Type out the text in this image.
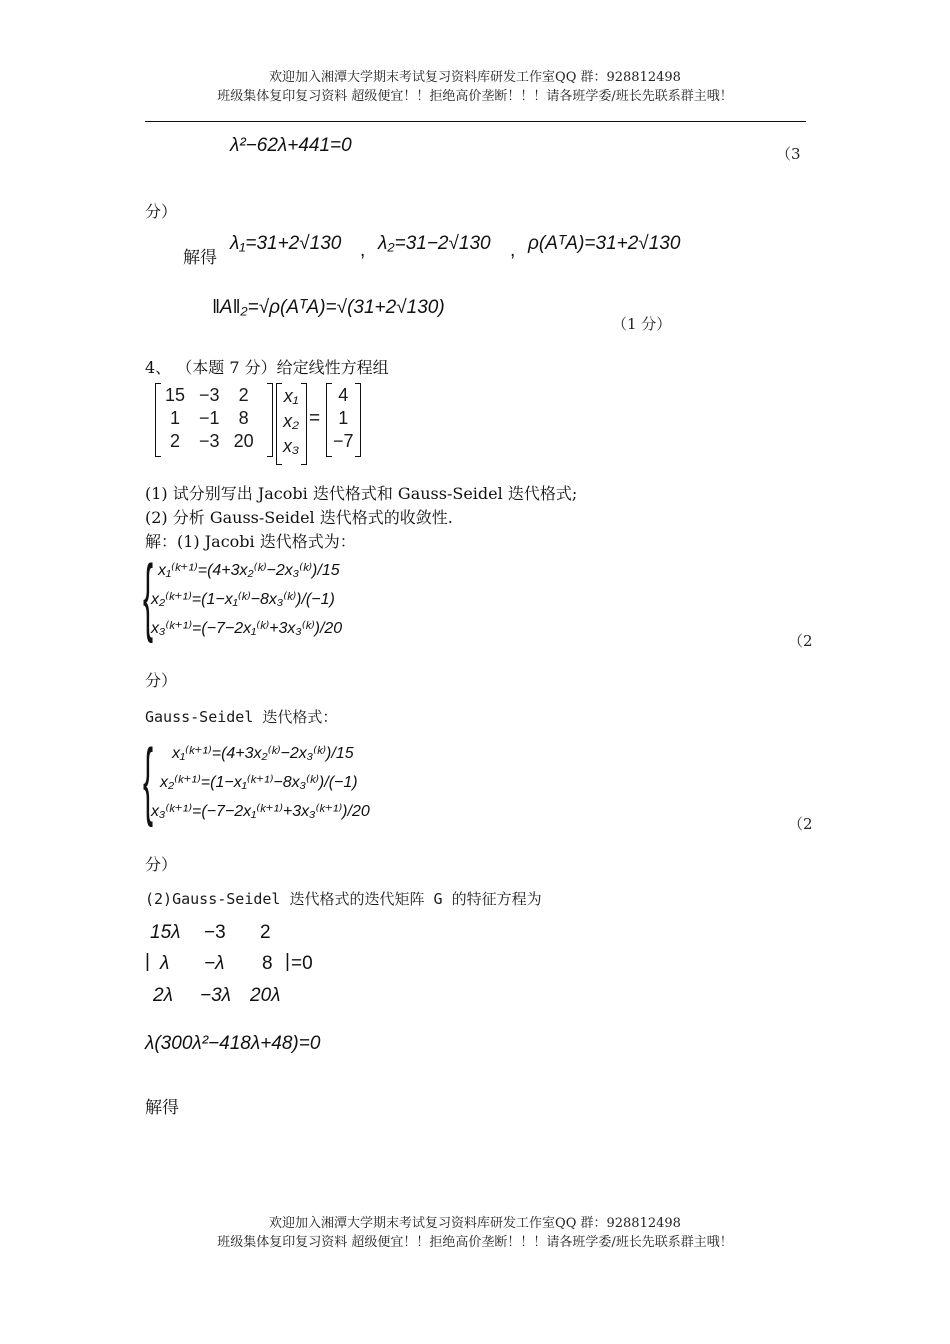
欢迎加入湘潭大学期末考试复习资料库研发工作室QQ 群：928812498
班级集体复印复习资料 超级便宜！！拒绝高价垄断！！！请各班学委/班长先联系群主哦！
λ²−62λ+441=0	（3
分）
解得
λ₁=31+2√130 , λ₂=31−2√130 , ρ(AᵀA)=31+2√130
‖A‖₂=√ρ(AᵀA)=√(31+2√130)
（1 分）
4、 （本题 7 分）给定线性方程组
15	−3	2
1	−1	8
2	−3	20
x₁
x₂
x₃
=
4
1
−7
(1) 试分别写出 Jacobi 迭代格式和 Gauss-Seidel 迭代格式;
(2) 分析 Gauss-Seidel 迭代格式的收敛性.
解：(1) Jacobi 迭代格式为：
{ x₁⁽ᵏ⁺¹⁾=(4+3x₂⁽ᵏ⁾−2x₃⁽ᵏ⁾)/15
x₂⁽ᵏ⁺¹⁾=(1−x₁⁽ᵏ⁾−8x₃⁽ᵏ⁾)/(−1)
x₃⁽ᵏ⁺¹⁾=(−7−2x₁⁽ᵏ⁾+3x₃⁽ᵏ⁾)/20
（2
分）
Gauss-Seidel 迭代格式：
{ x₁⁽ᵏ⁺¹⁾=(4+3x₂⁽ᵏ⁾−2x₃⁽ᵏ⁾)/15
x₂⁽ᵏ⁺¹⁾=(1−x₁⁽ᵏ⁺¹⁾−8x₃⁽ᵏ⁾)/(−1)
x₃⁽ᵏ⁺¹⁾=(−7−2x₁⁽ᵏ⁺¹⁾+3x₃⁽ᵏ⁺¹⁾)/20
（2
分）
(2)Gauss-Seidel 迭代格式的迭代矩阵 G 的特征方程为
15λ −3 2
| λ −λ 8 | =0
2λ −3λ 20λ
λ(300λ²−418λ+48)=0
解得
欢迎加入湘潭大学期末考试复习资料库研发工作室QQ 群：928812498
班级集体复印复习资料 超级便宜！！拒绝高价垄断！！！请各班学委/班长先联系群主哦！
